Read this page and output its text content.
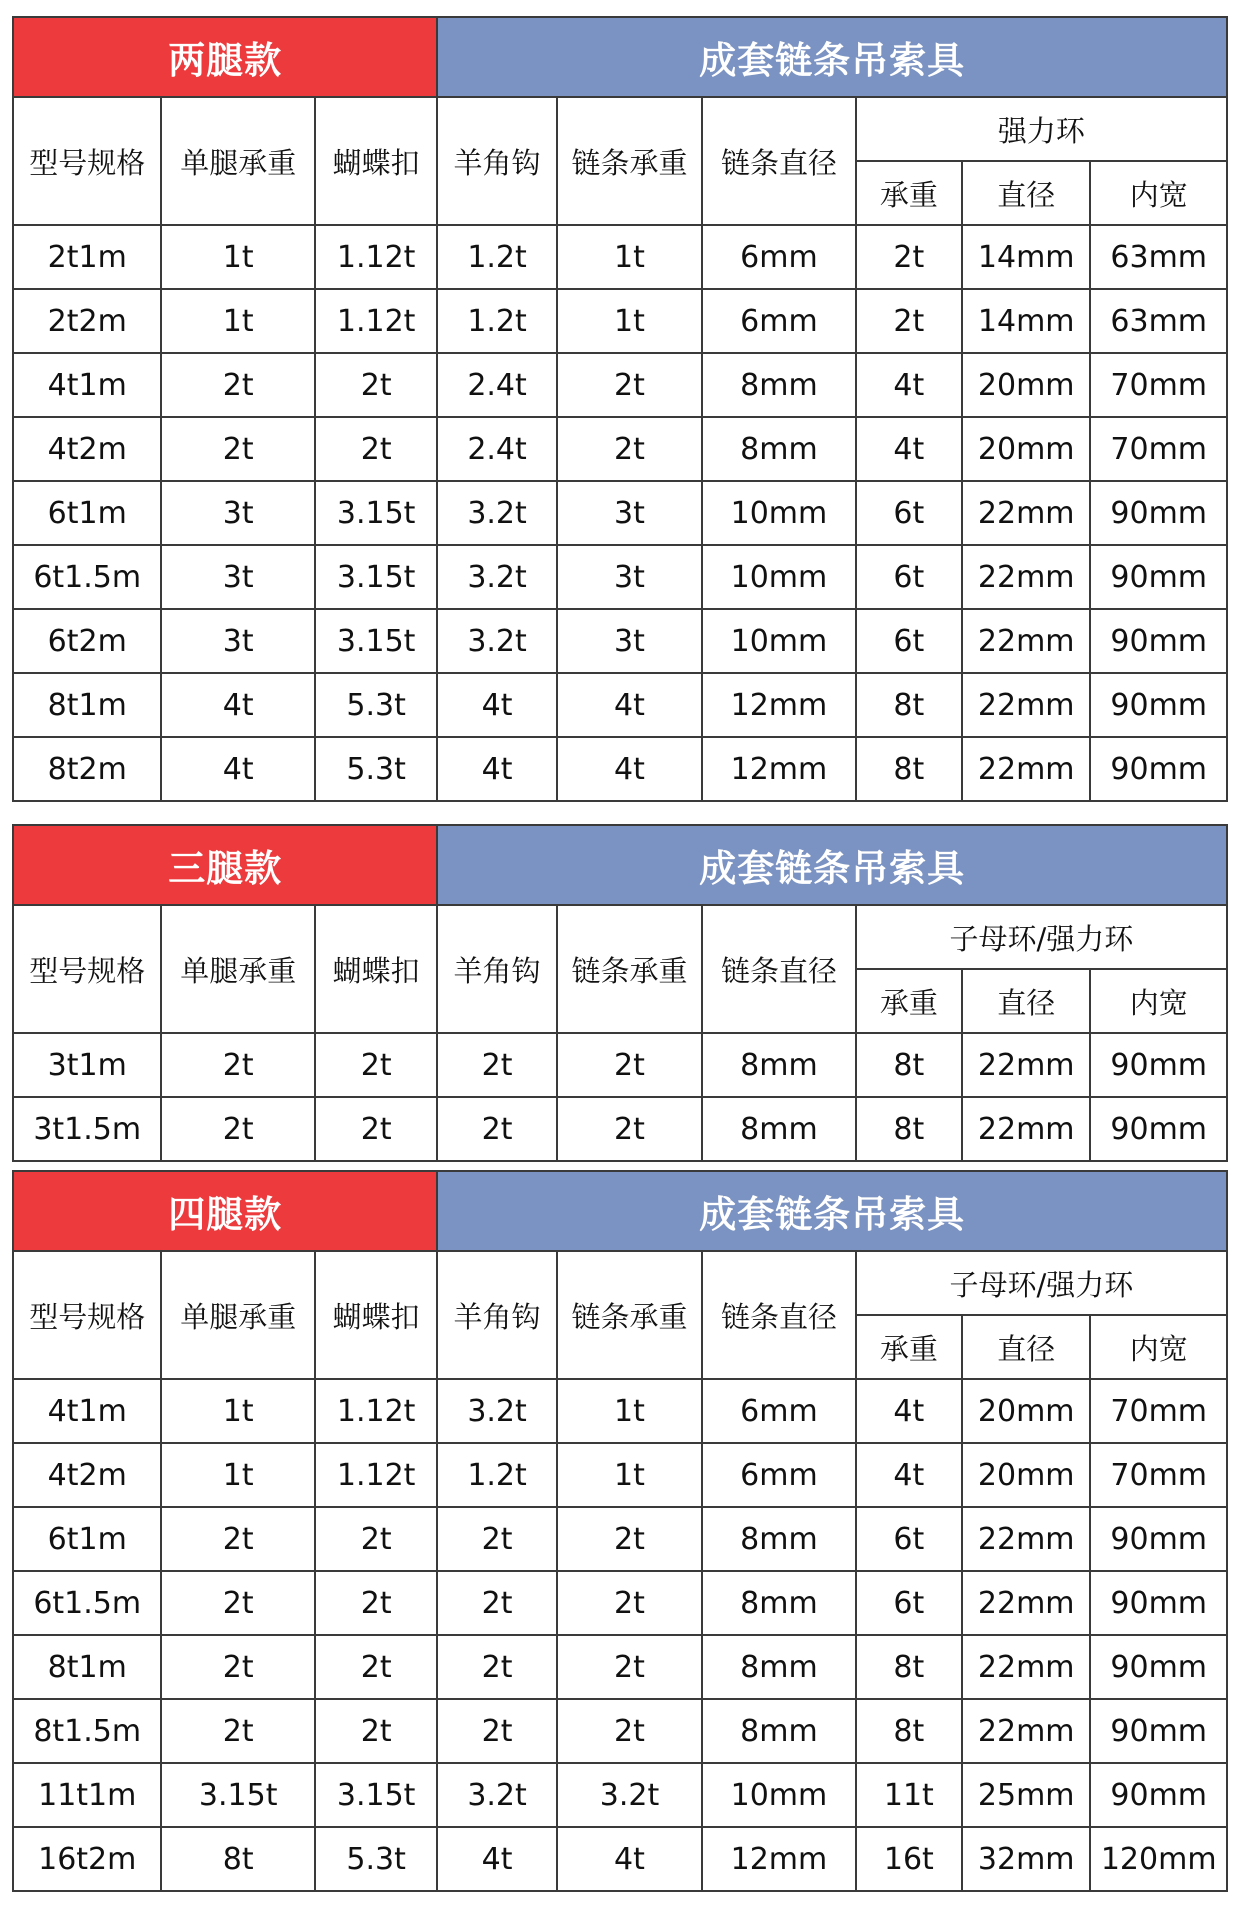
两腿款			成套链条吊索具					
型号规格	单腿承重	蝴蝶扣	羊角钩	链条承重	链条直径	强力环		
						承重	直径	内宽
2t1m	1t	1.12t	1.2t	1t	6mm	2t	14mm	63mm
2t2m	1t	1.12t	1.2t	1t	6mm	2t	14mm	63mm
4t1m	2t	2t	2.4t	2t	8mm	4t	20mm	70mm
4t2m	2t	2t	2.4t	2t	8mm	4t	20mm	70mm
6t1m	3t	3.15t	3.2t	3t	10mm	6t	22mm	90mm
6t1.5m	3t	3.15t	3.2t	3t	10mm	6t	22mm	90mm
6t2m	3t	3.15t	3.2t	3t	10mm	6t	22mm	90mm
8t1m	4t	5.3t	4t	4t	12mm	8t	22mm	90mm
8t2m	4t	5.3t	4t	4t	12mm	8t	22mm	90mm
三腿款			成套链条吊索具					
型号规格	单腿承重	蝴蝶扣	羊角钩	链条承重	链条直径	子母环/强力环		
						承重	直径	内宽
3t1m	2t	2t	2t	2t	8mm	8t	22mm	90mm
3t1.5m	2t	2t	2t	2t	8mm	8t	22mm	90mm
四腿款			成套链条吊索具					
型号规格	单腿承重	蝴蝶扣	羊角钩	链条承重	链条直径	子母环/强力环		
						承重	直径	内宽
4t1m	1t	1.12t	3.2t	1t	6mm	4t	20mm	70mm
4t2m	1t	1.12t	1.2t	1t	6mm	4t	20mm	70mm
6t1m	2t	2t	2t	2t	8mm	6t	22mm	90mm
6t1.5m	2t	2t	2t	2t	8mm	6t	22mm	90mm
8t1m	2t	2t	2t	2t	8mm	8t	22mm	90mm
8t1.5m	2t	2t	2t	2t	8mm	8t	22mm	90mm
11t1m	3.15t	3.15t	3.2t	3.2t	10mm	11t	25mm	90mm
16t2m	8t	5.3t	4t	4t	12mm	16t	32mm	120mm
